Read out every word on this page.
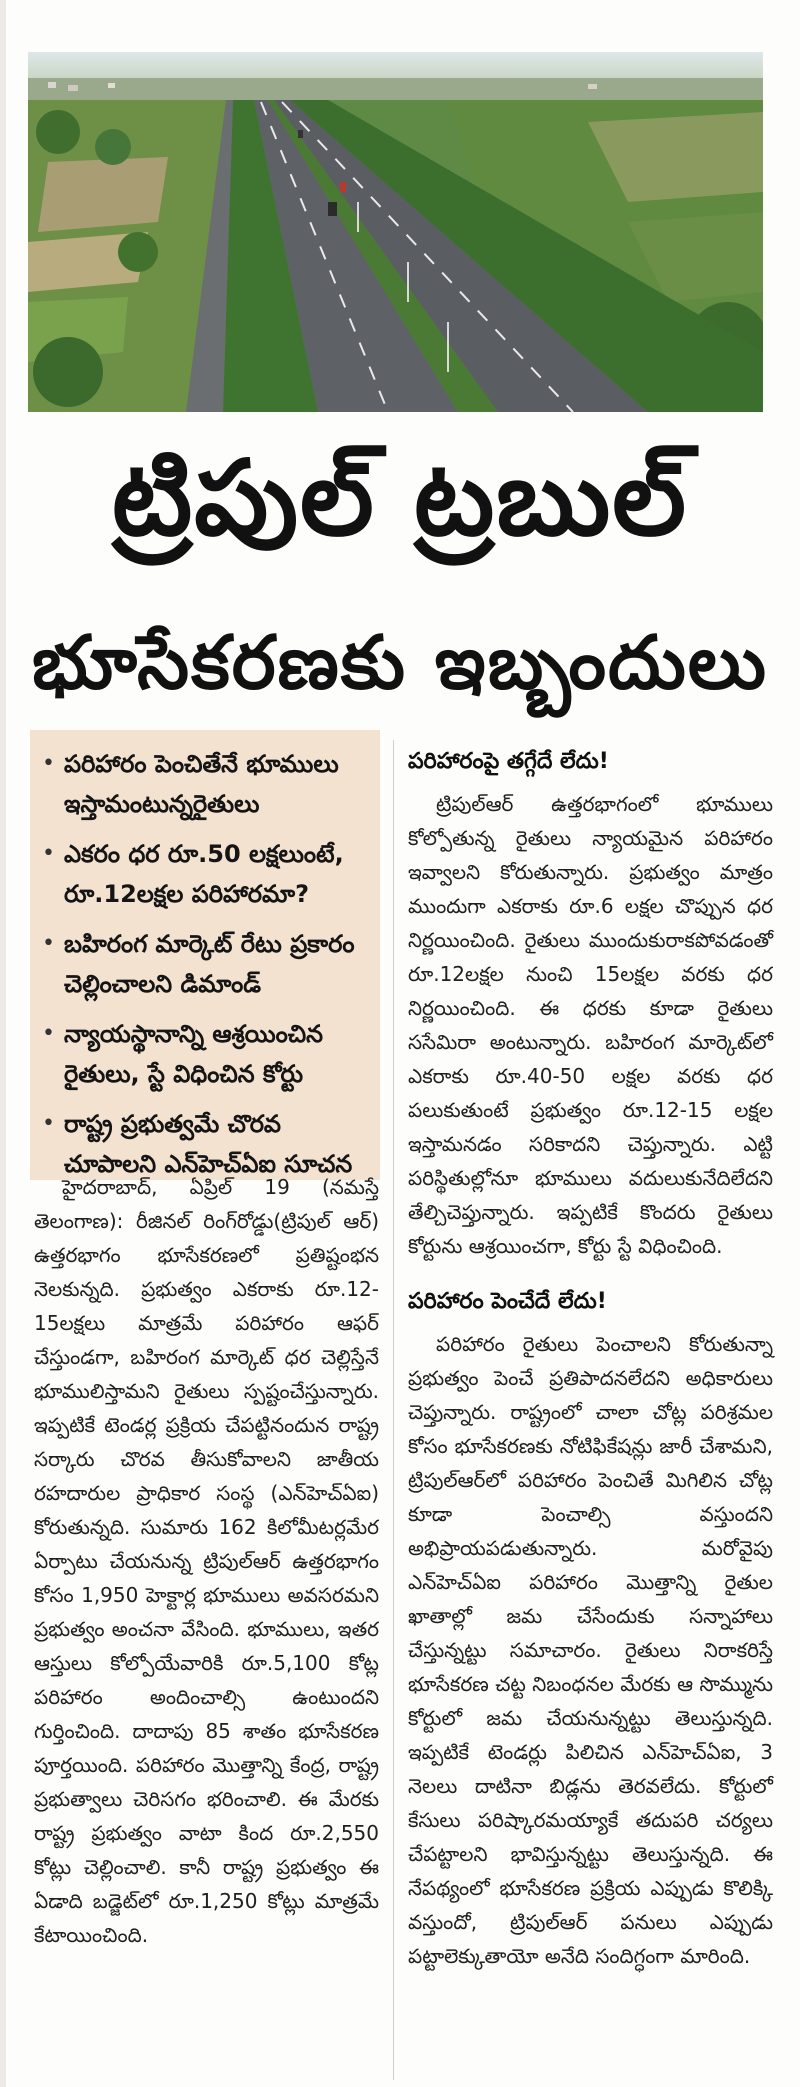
ట్రిపుల్ ట్రబుల్
భూసేకరణకు ఇబ్బందులు
• పరిహారం పెంచితేనే భూములు ఇస్తామంటున్నరైతులు
• ఎకరం ధర రూ.50 లక్షలుంటే, రూ.12లక్షల పరిహారమా?
• బహిరంగ మార్కెట్ రేటు ప్రకారం చెల్లించాలని డిమాండ్
• న్యాయస్థానాన్ని ఆశ్రయించిన రైతులు, స్టే విధించిన కోర్టు
• రాష్ట్ర ప్రభుత్వమే చొరవ చూపాలని ఎన్‌హెచ్ఏఐ సూచన

హైదరాబాద్, ఏప్రిల్ 19 (నమస్తే తెలంగాణ): రీజినల్ రింగ్‌రోడ్డు(ట్రిపుల్ ఆర్) ఉత్తరభాగం భూసేకరణలో ప్రతిష్టంభన నెలకున్నది. ప్రభుత్వం ఎకరాకు రూ.12-15లక్షలు మాత్రమే పరిహారం ఆఫర్ చేస్తుండగా, బహిరంగ మార్కెట్ ధర చెల్లిస్తేనే భూములిస్తామని రైతులు స్పష్టంచేస్తున్నారు. ఇప్పటికే టెండర్ల ప్రక్రియ చేపట్టినందున రాష్ట్ర సర్కారు చొరవ తీసుకోవాలని జాతీయ రహదారుల ప్రాధికార సంస్థ (ఎన్‌హెచ్ఏఐ) కోరుతున్నది. సుమారు 162 కిలోమీటర్లమేర ఏర్పాటు చేయనున్న ట్రిపుల్‌ఆర్ ఉత్తరభాగం కోసం 1,950 హెక్టార్ల భూములు అవసరమని ప్రభుత్వం అంచనా వేసింది. భూములు, ఇతర ఆస్తులు కోల్పోయేవారికి రూ.5,100 కోట్ల పరిహారం అందించాల్సి ఉంటుందని గుర్తించింది. దాదాపు 85 శాతం భూసేకరణ పూర్తయింది. పరిహారం మొత్తాన్ని కేంద్ర, రాష్ట్ర ప్రభుత్వాలు చెరిసగం భరించాలి. ఈ మేరకు రాష్ట్ర ప్రభుత్వం వాటా కింద రూ.2,550 కోట్లు చెల్లించాలి. కానీ రాష్ట్ర ప్రభుత్వం ఈ ఏడాది బడ్జెట్‌లో రూ.1,250 కోట్లు మాత్రమే కేటాయించింది.

పరిహారంపై తగ్గేదే లేదు!

ట్రిపుల్‌ఆర్ ఉత్తరభాగంలో భూములు కోల్పోతున్న రైతులు న్యాయమైన పరిహారం ఇవ్వాలని కోరుతున్నారు. ప్రభుత్వం మాత్రం ముందుగా ఎకరాకు రూ.6 లక్షల చొప్పున ధర నిర్ణయించింది. రైతులు ముందుకురాకపోవడంతో రూ.12లక్షల నుంచి 15లక్షల వరకు ధర నిర్ణయించింది. ఈ ధరకు కూడా రైతులు ససేమిరా అంటున్నారు. బహిరంగ మార్కెట్‌లో ఎకరాకు రూ.40-50 లక్షల వరకు ధర పలుకుతుంటే ప్రభుత్వం రూ.12-15 లక్షల ఇస్తామనడం సరికాదని చెప్తున్నారు. ఎట్టి పరిస్థితుల్లోనూ భూములు వదులుకునేదిలేదని తేల్చిచెప్తున్నారు. ఇప్పటికే కొందరు రైతులు కోర్టును ఆశ్రయించగా, కోర్టు స్టే విధించింది.

పరిహారం పెంచేదే లేదు!

పరిహారం రైతులు పెంచాలని కోరుతున్నా ప్రభుత్వం పెంచే ప్రతిపాదనలేదని అధికారులు చెప్తున్నారు. రాష్ట్రంలో చాలా చోట్ల పరిశ్రమల కోసం భూసేకరణకు నోటిఫికేషన్లు జారీ చేశామని, ట్రిపుల్‌ఆర్‌లో పరిహారం పెంచితే మిగిలిన చోట్ల కూడా పెంచాల్సి వస్తుందని అభిప్రాయపడుతున్నారు. మరోవైపు ఎన్‌హెచ్ఏఐ పరిహారం మొత్తాన్ని రైతుల ఖాతాల్లో జమ చేసేందుకు సన్నాహాలు చేస్తున్నట్టు సమాచారం. రైతులు నిరాకరిస్తే భూసేకరణ చట్ట నిబంధనల మేరకు ఆ సొమ్మును కోర్టులో జమ చేయనున్నట్టు తెలుస్తున్నది. ఇప్పటికే టెండర్లు పిలిచిన ఎన్‌హెచ్ఏఐ, 3 నెలలు దాటినా బిడ్లను తెరవలేదు. కోర్టులో కేసులు పరిష్కారమయ్యాకే తదుపరి చర్యలు చేపట్టాలని భావిస్తున్నట్టు తెలుస్తున్నది. ఈ నేపథ్యంలో భూసేకరణ ప్రక్రియ ఎప్పుడు కొలిక్కి వస్తుందో, ట్రిపుల్‌ఆర్ పనులు ఎప్పుడు పట్టాలెక్కుతాయో అనేది సందిగ్ధంగా మారింది.
